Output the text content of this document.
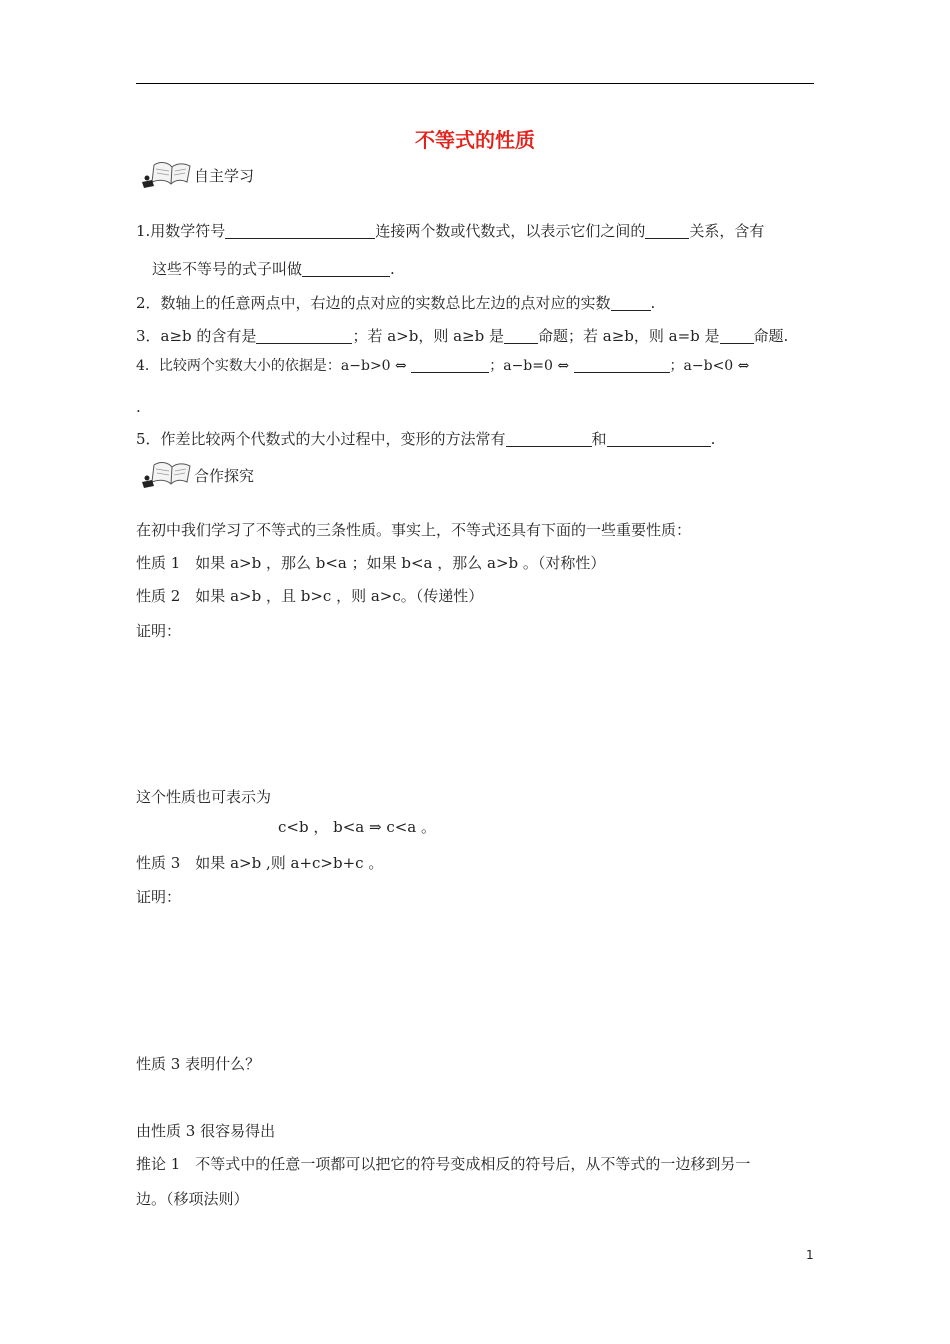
不等式的性质
自主学习
1.用数学符号	连接两个数或代数式，以表示它们之间的	关系，含有
这些不等号的式子叫做	.
2．数轴上的任意两点中，右边的点对应的实数总比左边的点对应的实数	.
3．a≥b 的含有是	；若 a>b，则 a≥b 是 命题；若 a≥b，则 a=b 是 命题.
4．比较两个实数大小的依据是：a−b>0 ⇔	；a−b=0 ⇔	；a−b<0 ⇔
.
5．作差比较两个代数式的大小过程中，变形的方法常有	和	.
合作探究
在初中我们学习了不等式的三条性质。事实上，不等式还具有下面的一些重要性质：
性质 1　如果 a>b ，那么 b<a ；如果 b<a ，那么 a>b 。（对称性）
性质 2　如果 a>b ，且 b>c ，则 a>c。（传递性）
证明：
这个性质也可表示为
c<b ， b<a ⇒ c<a 。
性质 3　如果 a>b ,则 a+c>b+c 。
证明：
性质 3 表明什么？
由性质 3 很容易得出
推论 1　不等式中的任意一项都可以把它的符号变成相反的符号后，从不等式的一边移到另一
边。（移项法则）
1
